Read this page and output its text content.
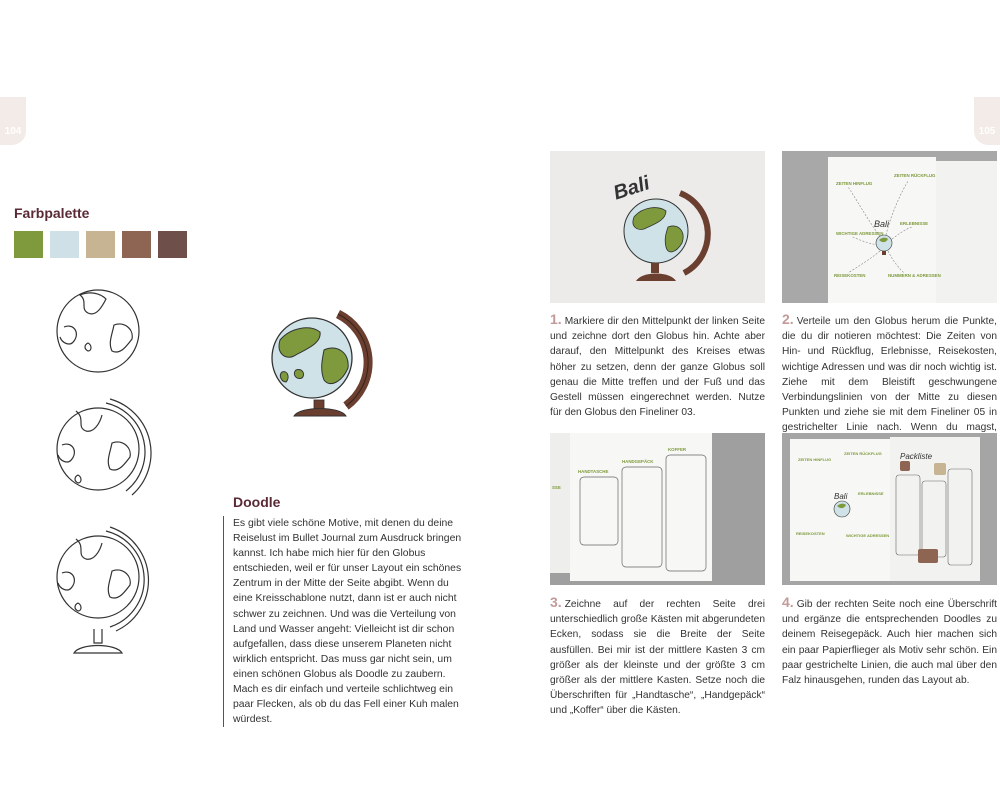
104	105
Farbpalette
Doodle
Es gibt viele schöne Motive, mit denen du deine Reiselust im Bullet Journal zum Ausdruck bringen kannst. Ich habe mich hier für den Globus entschieden, weil er für unser Layout ein schönes Zentrum in der Mitte der Seite abgibt. Wenn du eine Kreisschablone nutzt, dann ist er auch nicht schwer zu zeichnen. Und was die Verteilung von Land und Wasser angeht: Vielleicht ist dir schon aufgefallen, dass diese unserem Planeten nicht wirklich entspricht. Das muss gar nicht sein, um einen schönen Globus als Doodle zu zaubern. Mach es dir einfach und verteile schlichtweg ein paar Flecken, als ob du das Fell einer Kuh malen würdest.
Bali	ZEITEN HINFLUG
ZEITEN RÜCKFLUG
ERLEBNISSE
WICHTIGE ADRESSEN
REISEKOSTEN	NUMMERN & ADRESSEN
Bali
1. Markiere dir den Mittelpunkt der linken Seite und zeichne dort den Globus hin. Achte aber darauf, den Mittelpunkt des Kreises etwas höher zu setzen, denn der ganze Globus soll genau die Mitte treffen und der Fuß und das Gestell müssen eingerechnet werden. Nutze für den Globus den Fineliner 03.
2. Verteile um den Globus herum die Punkte, die du dir notieren möchtest: Die Zeiten von Hin- und Rückflug, Erlebnisse, Reisekosten, wichtige Adressen und was dir noch wichtig ist. Ziehe mit dem Bleistift geschwungene Verbindungslinien von der Mitte zu diesen Punkten und ziehe sie mit dem Fineliner 05 in gestrichelter Linie nach. Wenn du magst,
HANDTASCHE
HANDGEPÄCK
KOFFER
SSE
ZEITEN HINFLUG
ZEITEN RÜCKFLUG
ERLEBNISSE
REISEKOSTEN	WICHTIGE ADRESSEN
Bali
Packliste
3. Zeichne auf der rechten Seite drei unterschiedlich große Kästen mit abgerundeten Ecken, sodass sie die Breite der Seite ausfüllen. Bei mir ist der mittlere Kasten 3 cm größer als der kleinste und der größte 3 cm größer als der mittlere Kasten. Setze noch die Überschriften für „Handtasche“, „Handgepäck“ und „Koffer“ über die Kästen.
4. Gib der rechten Seite noch eine Überschrift und ergänze die entsprechenden Doodles zu deinem Reisegepäck. Auch hier machen sich ein paar Papierflieger als Motiv sehr schön. Ein paar gestrichelte Linien, die auch mal über den Falz hinausgehen, runden das Layout ab.
